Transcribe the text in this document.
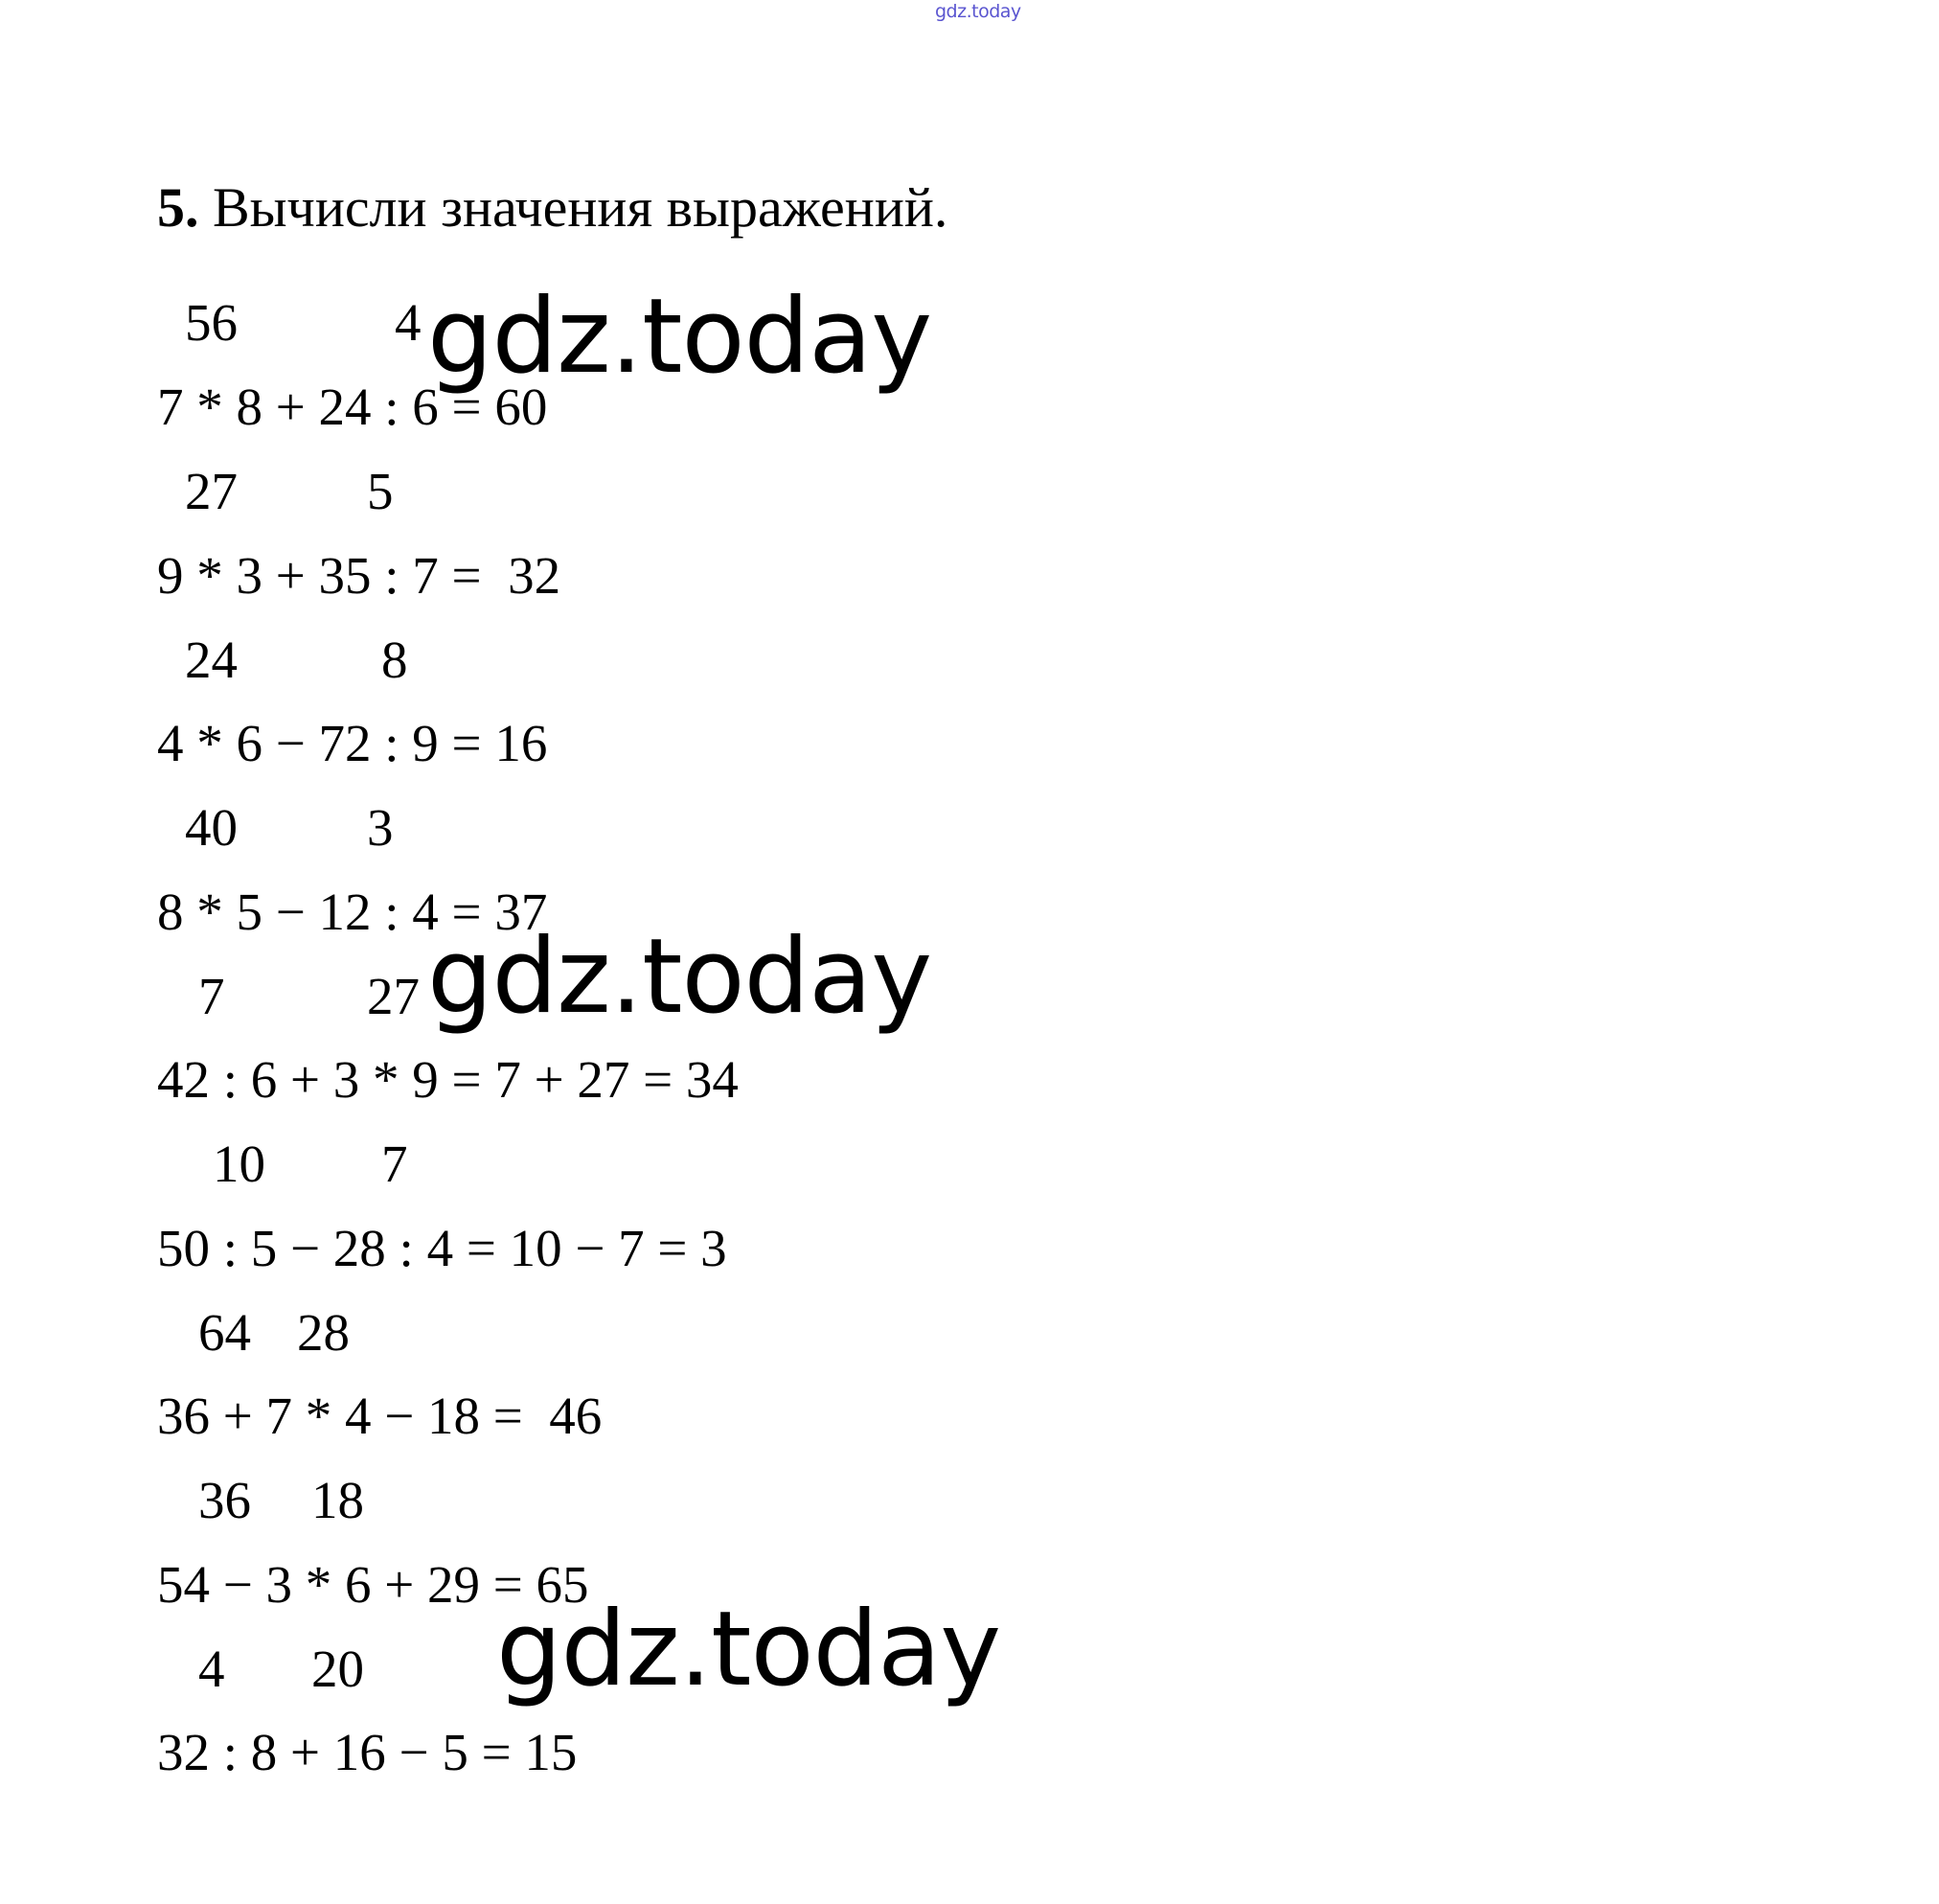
gdz.today
5. Вычисли значения выражений.
56	4
7 * 8 + 24 : 6 = 60
27 5
9 * 3 + 35 : 7 =  32
24	8
4 * 6 − 72 : 9 = 16
40 3
8 * 5 − 12 : 4 = 37
7	27
42 : 6 + 3 * 9 = 7 + 27 = 34
10 7
50 : 5 − 28 : 4 = 10 − 7 = 3
64 28
36 + 7 * 4 − 18 =  46
36 18
54 − 3 * 6 + 29 = 65
4 20
32 : 8 + 16 − 5 = 15
gdz.today
gdz.today
gdz.today
